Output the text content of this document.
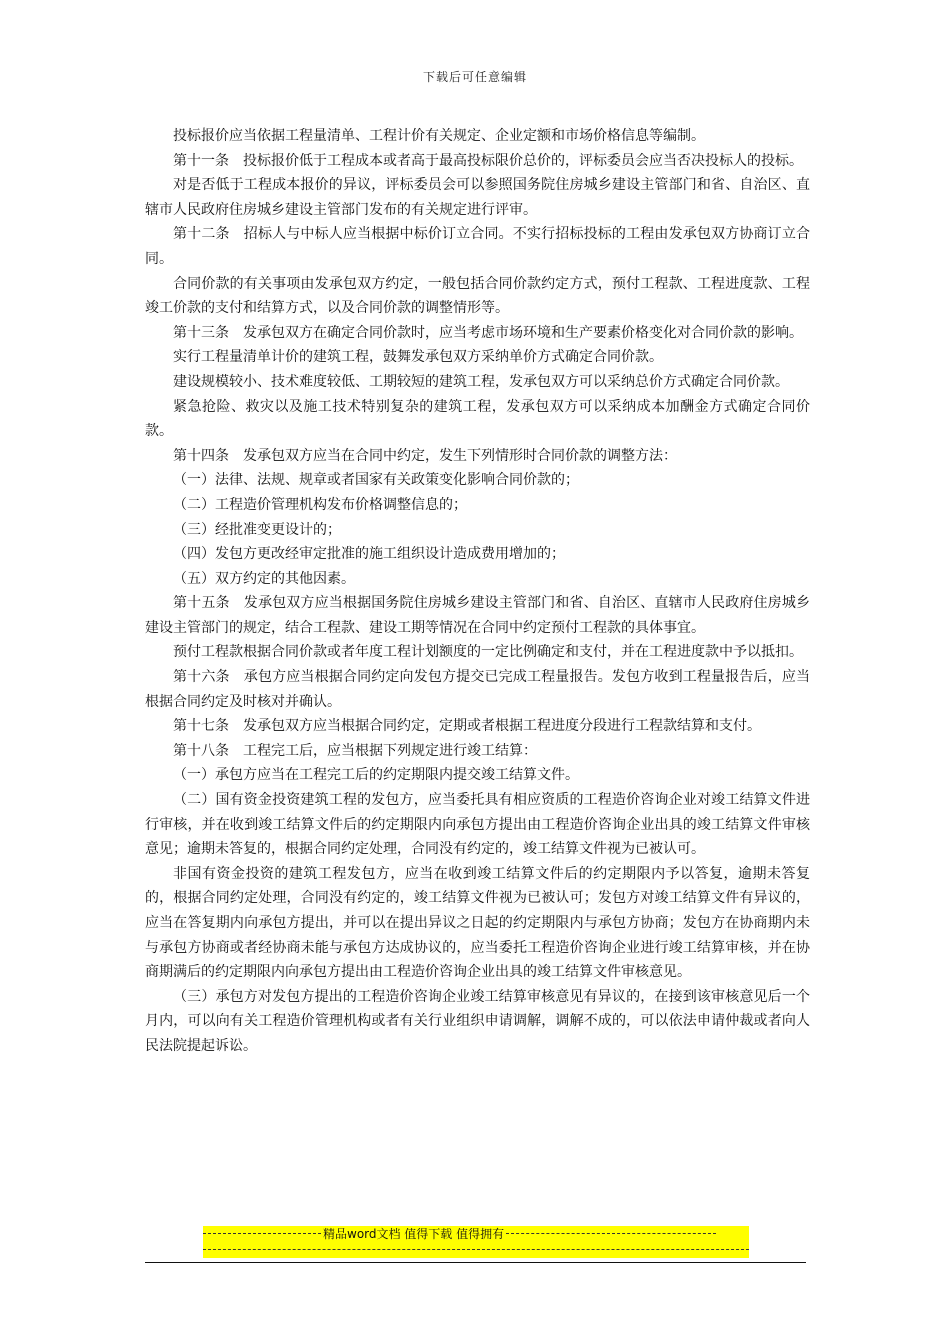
下载后可任意编辑

投标报价应当依据工程量清单、工程计价有关规定、企业定额和市场价格信息等编制。

第十一条　投标报价低于工程成本或者高于最高投标限价总价的，评标委员会应当否决投标人的投标。

对是否低于工程成本报价的异议，评标委员会可以参照国务院住房城乡建设主管部门和省、自治区、直辖市人民政府住房城乡建设主管部门发布的有关规定进行评审。

第十二条　招标人与中标人应当根据中标价订立合同。不实行招标投标的工程由发承包双方协商订立合同。

合同价款的有关事项由发承包双方约定，一般包括合同价款约定方式，预付工程款、工程进度款、工程竣工价款的支付和结算方式，以及合同价款的调整情形等。

第十三条　发承包双方在确定合同价款时，应当考虑市场环境和生产要素价格变化对合同价款的影响。

实行工程量清单计价的建筑工程，鼓舞发承包双方采纳单价方式确定合同价款。

建设规模较小、技术难度较低、工期较短的建筑工程，发承包双方可以采纳总价方式确定合同价款。

紧急抢险、救灾以及施工技术特别复杂的建筑工程，发承包双方可以采纳成本加酬金方式确定合同价款。

第十四条　发承包双方应当在合同中约定，发生下列情形时合同价款的调整方法：

（一）法律、法规、规章或者国家有关政策变化影响合同价款的；

（二）工程造价管理机构发布价格调整信息的；

（三）经批准变更设计的；

（四）发包方更改经审定批准的施工组织设计造成费用增加的；

（五）双方约定的其他因素。

第十五条　发承包双方应当根据国务院住房城乡建设主管部门和省、自治区、直辖市人民政府住房城乡建设主管部门的规定，结合工程款、建设工期等情况在合同中约定预付工程款的具体事宜。

预付工程款根据合同价款或者年度工程计划额度的一定比例确定和支付，并在工程进度款中予以抵扣。

第十六条　承包方应当根据合同约定向发包方提交已完成工程量报告。发包方收到工程量报告后，应当根据合同约定及时核对并确认。

第十七条　发承包双方应当根据合同约定，定期或者根据工程进度分段进行工程款结算和支付。

第十八条　工程完工后，应当根据下列规定进行竣工结算：

（一）承包方应当在工程完工后的约定期限内提交竣工结算文件。

（二）国有资金投资建筑工程的发包方，应当委托具有相应资质的工程造价咨询企业对竣工结算文件进行审核，并在收到竣工结算文件后的约定期限内向承包方提出由工程造价咨询企业出具的竣工结算文件审核意见；逾期未答复的，根据合同约定处理，合同没有约定的，竣工结算文件视为已被认可。

非国有资金投资的建筑工程发包方，应当在收到竣工结算文件后的约定期限内予以答复，逾期未答复的，根据合同约定处理，合同没有约定的，竣工结算文件视为已被认可；发包方对竣工结算文件有异议的，应当在答复期内向承包方提出，并可以在提出异议之日起的约定期限内与承包方协商；发包方在协商期内未与承包方协商或者经协商未能与承包方达成协议的，应当委托工程造价咨询企业进行竣工结算审核，并在协商期满后的约定期限内向承包方提出由工程造价咨询企业出具的竣工结算文件审核意见。

（三）承包方对发包方提出的工程造价咨询企业竣工结算审核意见有异议的，在接到该审核意见后一个月内，可以向有关工程造价管理机构或者有关行业组织申请调解，调解不成的，可以依法申请仲裁或者向人民法院提起诉讼。

精品word文档 值得下载 值得拥有
